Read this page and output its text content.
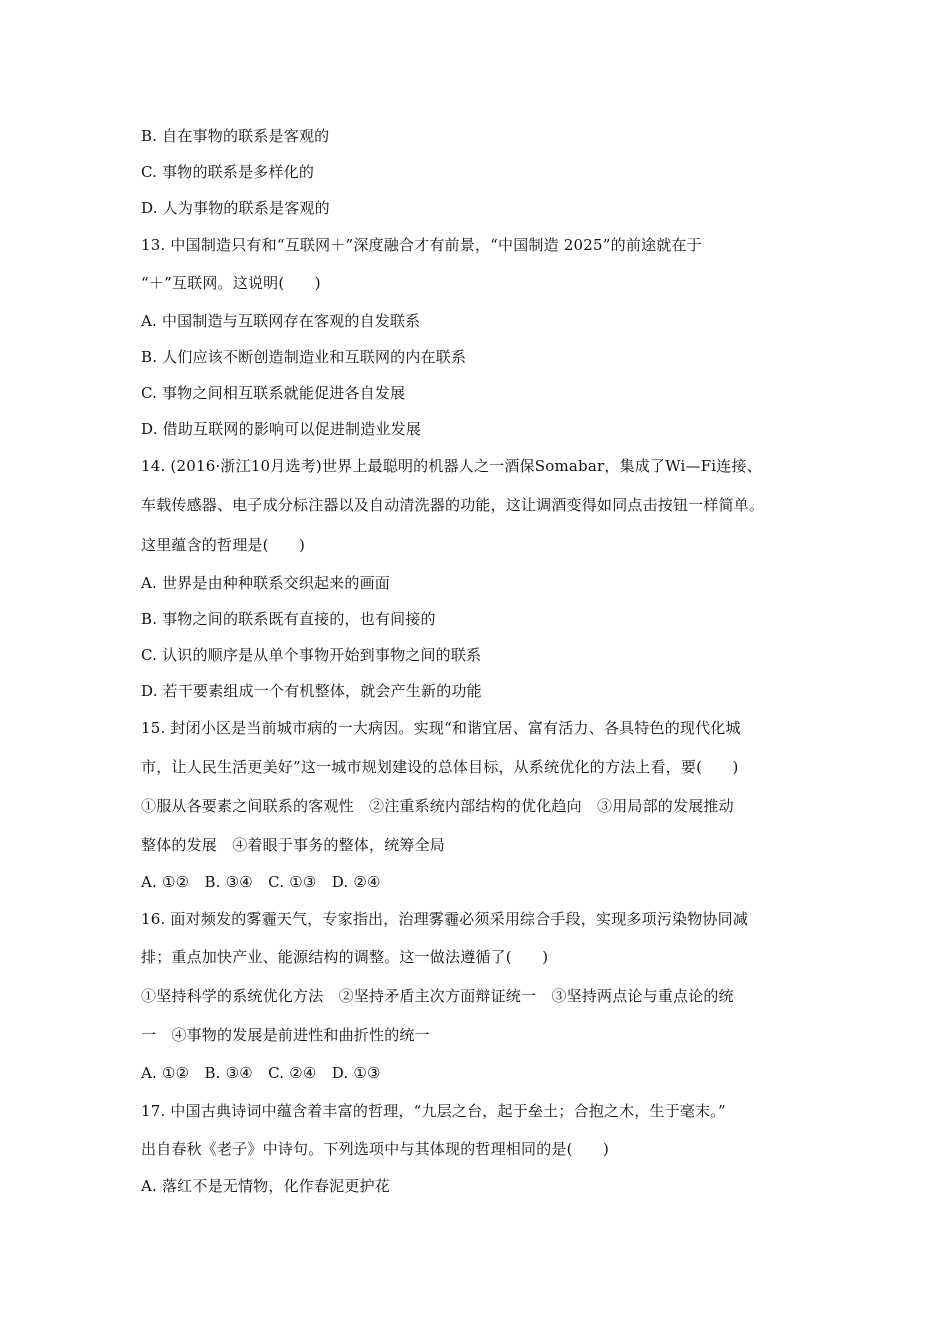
B. 自在事物的联系是客观的
C. 事物的联系是多样化的
D. 人为事物的联系是客观的
13. 中国制造只有和“互联网＋”深度融合才有前景，“中国制造 2025”的前途就在于
“＋”互联网。这说明(　　)
A. 中国制造与互联网存在客观的自发联系
B. 人们应该不断创造制造业和互联网的内在联系
C. 事物之间相互联系就能促进各自发展
D. 借助互联网的影响可以促进制造业发展
14. (2016·浙江10月选考)世界上最聪明的机器人之一酒保Somabar，集成了Wi—Fi连接、
车载传感器、电子成分标注器以及自动清洗器的功能，这让调酒变得如同点击按钮一样简单。
这里蕴含的哲理是(　　)
A. 世界是由种种联系交织起来的画面
B. 事物之间的联系既有直接的，也有间接的
C. 认识的顺序是从单个事物开始到事物之间的联系
D. 若干要素组成一个有机整体，就会产生新的功能
15. 封闭小区是当前城市病的一大病因。实现“和谐宜居、富有活力、各具特色的现代化城
市，让人民生活更美好”这一城市规划建设的总体目标，从系统优化的方法上看，要(　　)
①服从各要素之间联系的客观性　②注重系统内部结构的优化趋向　③用局部的发展推动
整体的发展　④着眼于事务的整体，统筹全局
A. ①②　B. ③④　C. ①③　D. ②④
16. 面对频发的雾霾天气，专家指出，治理雾霾必须采用综合手段，实现多项污染物协同减
排；重点加快产业、能源结构的调整。这一做法遵循了(　　)
①坚持科学的系统优化方法　②坚持矛盾主次方面辩证统一　③坚持两点论与重点论的统
一　④事物的发展是前进性和曲折性的统一
A. ①②　B. ③④　C. ②④　D. ①③
17. 中国古典诗词中蕴含着丰富的哲理，“九层之台，起于垒土；合抱之木，生于毫末。”
出自春秋《老子》中诗句。下列选项中与其体现的哲理相同的是(　　)
A. 落红不是无情物，化作春泥更护花
